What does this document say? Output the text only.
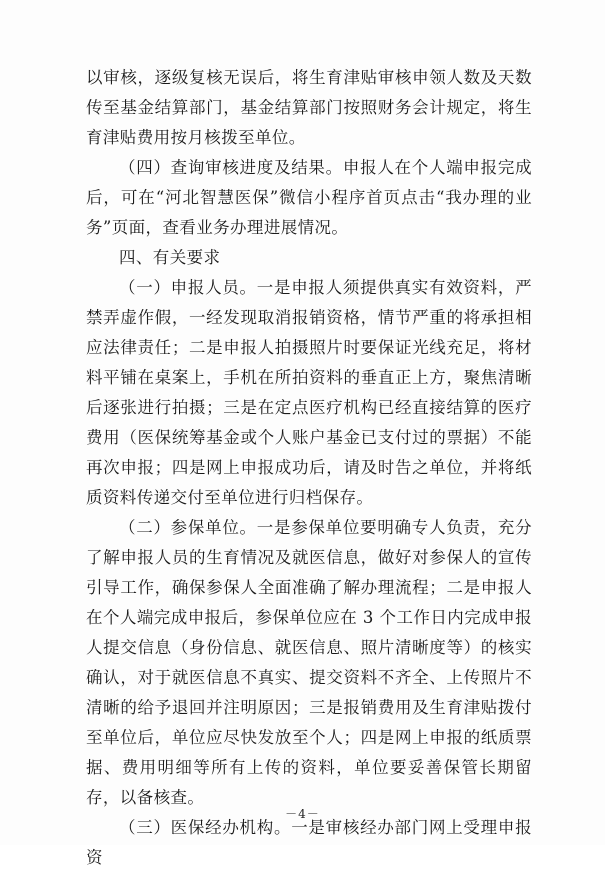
以审核，逐级复核无误后，将生育津贴审核申领人数及天数传至基金结算部门，基金结算部门按照财务会计规定，将生育津贴费用按月核拨至单位。

（四）查询审核进度及结果。申报人在个人端申报完成后，可在“河北智慧医保”微信小程序首页点击“我办理的业务”页面，查看业务办理进展情况。

四、有关要求

（一）申报人员。一是申报人须提供真实有效资料，严禁弄虚作假，一经发现取消报销资格，情节严重的将承担相应法律责任；二是申报人拍摄照片时要保证光线充足，将材料平铺在桌案上，手机在所拍资料的垂直正上方，聚焦清晰后逐张进行拍摄；三是在定点医疗机构已经直接结算的医疗费用（医保统筹基金或个人账户基金已支付过的票据）不能再次申报；四是网上申报成功后，请及时告之单位，并将纸质资料传递交付至单位进行归档保存。

（二）参保单位。一是参保单位要明确专人负责，充分了解申报人员的生育情况及就医信息，做好对参保人的宣传引导工作，确保参保人全面准确了解办理流程；二是申报人在个人端完成申报后，参保单位应在 3 个工作日内完成申报人提交信息（身份信息、就医信息、照片清晰度等）的核实确认，对于就医信息不真实、提交资料不齐全、上传照片不清晰的给予退回并注明原因；三是报销费用及生育津贴拨付至单位后，单位应尽快发放至个人；四是网上申报的纸质票据、费用明细等所有上传的资料，单位要妥善保管长期留存，以备核查。

（三）医保经办机构。一是审核经办部门网上受理申报资

－4－
